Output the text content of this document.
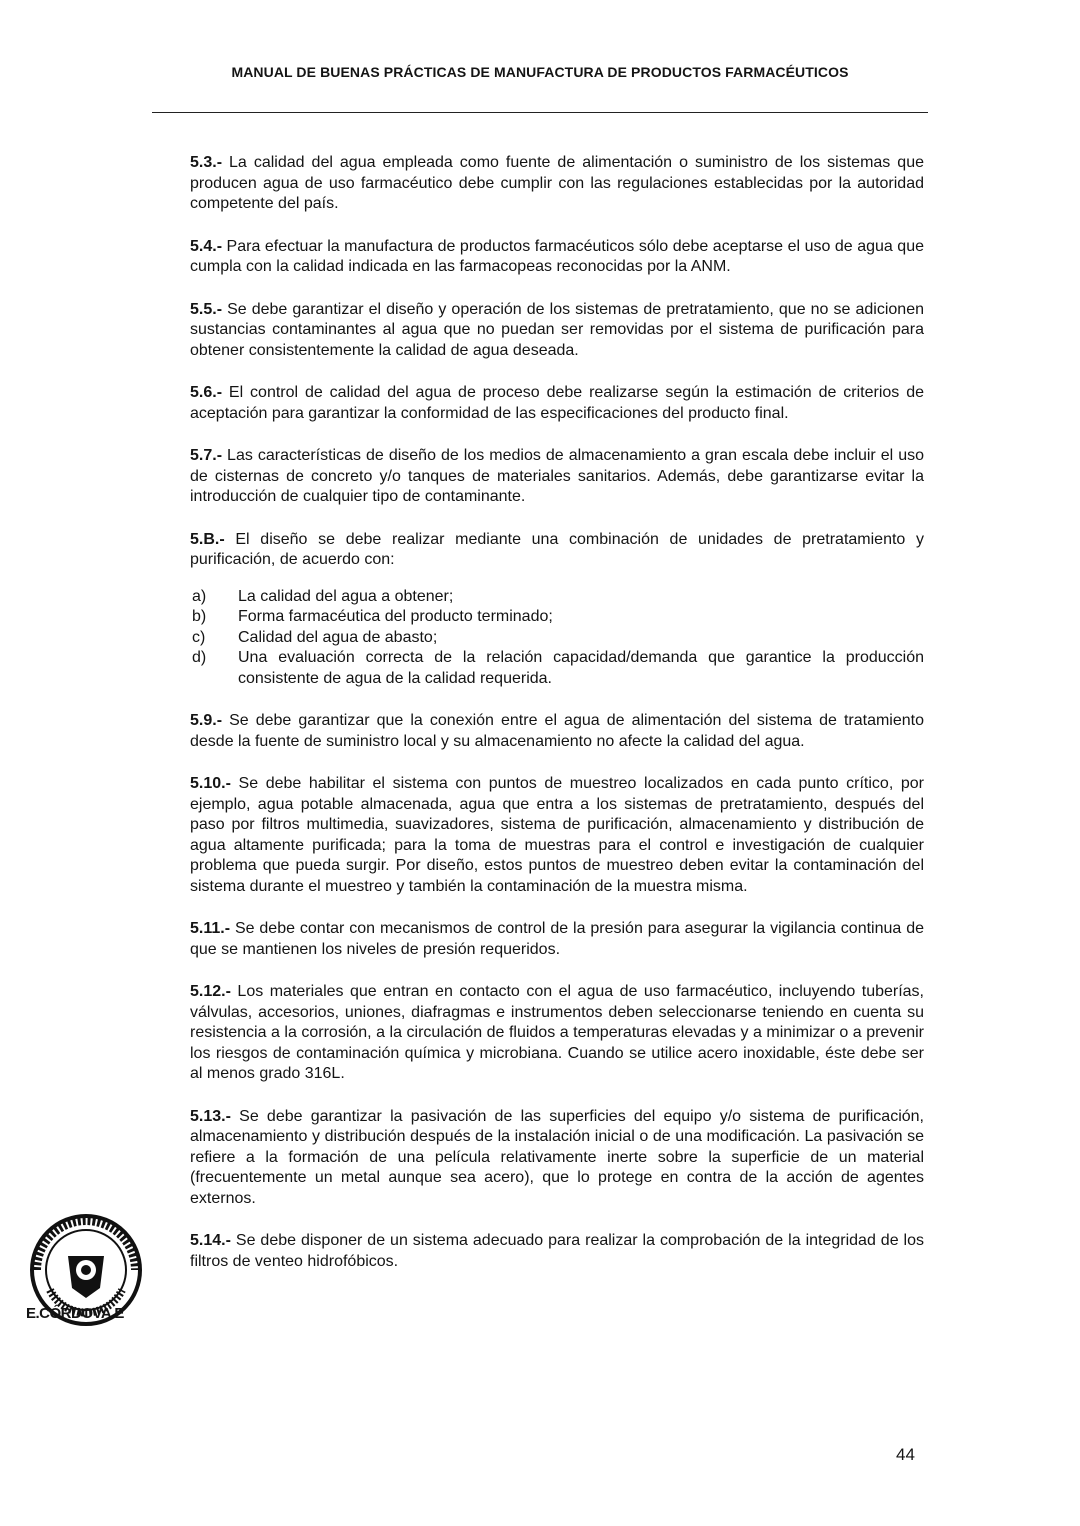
MANUAL DE BUENAS PRÁCTICAS DE MANUFACTURA DE PRODUCTOS FARMACÉUTICOS

5.3.- La calidad del agua empleada como fuente de alimentación o suministro de los sistemas que producen agua de uso farmacéutico debe cumplir con las regulaciones establecidas por la autoridad competente del país.

5.4.- Para efectuar la manufactura de productos farmacéuticos sólo debe aceptarse el uso de agua que cumpla con la calidad indicada en las farmacopeas reconocidas por la ANM.

5.5.- Se debe garantizar el diseño y operación de los sistemas de pretratamiento, que no se adicionen sustancias contaminantes al agua que no puedan ser removidas por el sistema de purificación para obtener consistentemente la calidad de agua deseada.

5.6.- El control de calidad del agua de proceso debe realizarse según la estimación de criterios de aceptación para garantizar la conformidad de las especificaciones del producto final.

5.7.- Las características de diseño de los medios de almacenamiento a gran escala debe incluir el uso de cisternas de concreto y/o tanques de materiales sanitarios. Además, debe garantizarse evitar la introducción de cualquier tipo de contaminante.

5.B.- El diseño se debe realizar mediante una combinación de unidades de pretratamiento y purificación, de acuerdo con:

a)	La calidad del agua a obtener;
b)	Forma farmacéutica del producto terminado;
c)	Calidad del agua de abasto;
d)	Una evaluación correcta de la relación capacidad/demanda que garantice la producción consistente de agua de la calidad requerida.

5.9.- Se debe garantizar que la conexión entre el agua de alimentación del sistema de tratamiento desde la fuente de suministro local y su almacenamiento no afecte la calidad del agua.

5.10.- Se debe habilitar el sistema con puntos de muestreo localizados en cada punto crítico, por ejemplo, agua potable almacenada, agua que entra a los sistemas de pretratamiento, después del paso por filtros multimedia, suavizadores, sistema de purificación, almacenamiento y distribución de agua altamente purificada; para la toma de muestras para el control e investigación de cualquier problema que pueda surgir. Por diseño, estos puntos de muestreo deben evitar la contaminación del sistema durante el muestreo y también la contaminación de la muestra misma.

5.11.- Se debe contar con mecanismos de control de la presión para asegurar la vigilancia continua de que se mantienen los niveles de presión requeridos.

5.12.- Los materiales que entran en contacto con el agua de uso farmacéutico, incluyendo tuberías, válvulas, accesorios, uniones, diafragmas e instrumentos deben seleccionarse teniendo en cuenta su resistencia a la corrosión, a la circulación de fluidos a temperaturas elevadas y a minimizar o a prevenir los riesgos de contaminación química y microbiana. Cuando se utilice acero inoxidable, éste debe ser al menos grado 316L.

5.13.- Se debe garantizar la pasivación de las superficies del equipo y/o sistema de purificación, almacenamiento y distribución después de la instalación inicial o de una modificación. La pasivación se refiere a la formación de una película relativamente inerte sobre la superficie de un material (frecuentemente un metal aunque sea acero), que lo protege en contra de la acción de agentes externos.

5.14.- Se debe disponer de un sistema adecuado para realizar la comprobación de la integridad de los filtros de venteo hidrofóbicos.

E.CÓRDOVA E
44
